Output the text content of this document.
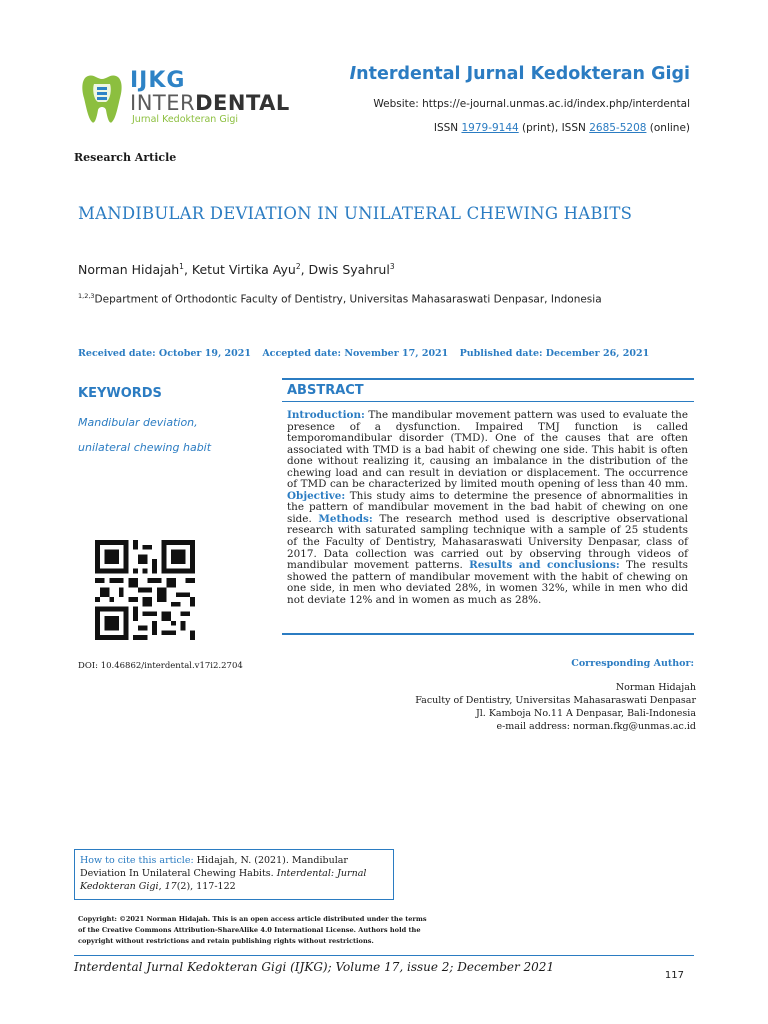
IJKG
INTERDENTAL
Jurnal Kedokteran Gigi
Interdental Jurnal Kedokteran Gigi
Website: https://e-journal.unmas.ac.id/index.php/interdental
ISSN 1979-9144 (print), ISSN 2685-5208 (online)
Research Article
MANDIBULAR DEVIATION IN UNILATERAL CHEWING HABITS
Norman Hidajah$^1$, Ketut Virtika Ayu$^2$, Dwis Syahrul$^3$
$^{1,2,3}$Department of Orthodontic Faculty of Dentistry, Universitas Mahasaraswati Denpasar, Indonesia
Received date: October 19, 2021 Accepted date: November 17, 2021 Published date: December 26, 2021
KEYWORDS
Mandibular deviation,
unilateral chewing habit
ABSTRACT
Introduction: The mandibular movement pattern was used to evaluate the presence of a dysfunction. Impaired TMJ function is called temporomandibular disorder (TMD). One of the causes that are often associated with TMD is a bad habit of chewing one side. This habit is often done without realizing it, causing an imbalance in the distribution of the chewing load and can result in deviation or displacement. The occurrence of TMD can be characterized by limited mouth opening of less than 40 mm. Objective: This study aims to determine the presence of abnormalities in the pattern of mandibular movement in the bad habit of chewing on one side. Methods: The research method used is descriptive observational research with saturated sampling technique with a sample of 25 students of the Faculty of Dentistry, Mahasaraswati University Denpasar, class of 2017. Data collection was carried out by observing through videos of mandibular movement patterns. Results and conclusions: The results showed the pattern of mandibular movement with the habit of chewing on one side, in men who deviated 28%, in women 32%, while in men who did not deviate 12% and in women as much as 28%.
DOI: 10.46862/interdental.v17i2.2704	Corresponding Author:
Norman Hidajah
Faculty of Dentistry, Universitas Mahasaraswati Denpasar
Jl. Kamboja No.11 A Denpasar, Bali-Indonesia
e-mail address: norman.fkg@unmas.ac.id
How to cite this article: Hidajah, N. (2021). Mandibular Deviation In Unilateral Chewing Habits. Interdental: Jurnal Kedokteran Gigi, 17(2), 117-122
Copyright: ©2021 Norman Hidajah. This is an open access article distributed under the terms of the Creative Commons Attribution-ShareAlike 4.0 International License. Authors hold the copyright without restrictions and retain publishing rights without restrictions.
Interdental Jurnal Kedokteran Gigi (IJKG); Volume 17, issue 2; December 2021
117
